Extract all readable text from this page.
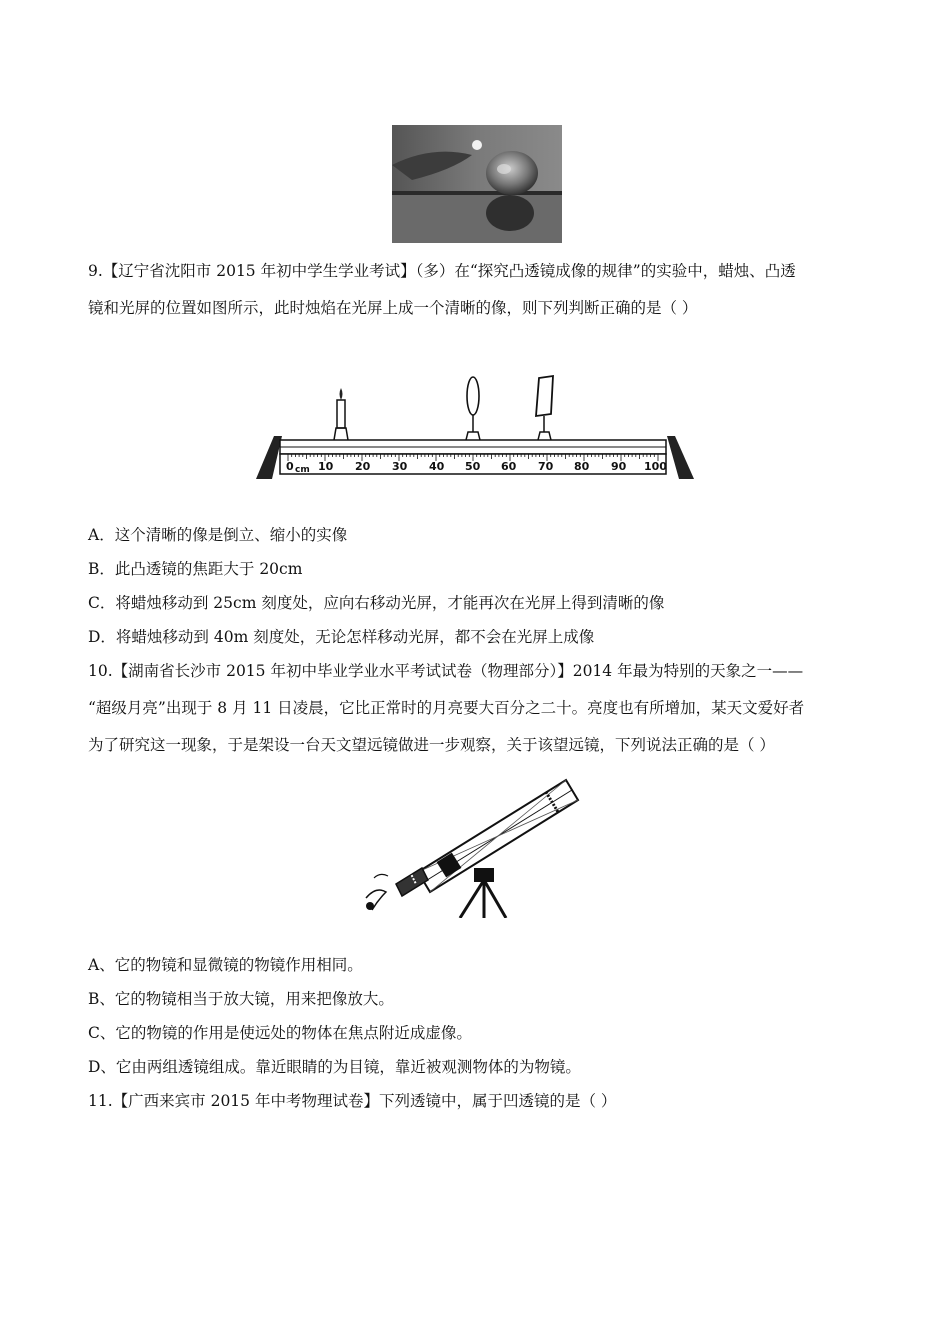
9.【辽宁省沈阳市 2015 年初中学生学业考试】（多）在“探究凸透镜成像的规律”的实验中，蜡烛、凸透
镜和光屏的位置如图所示，此时烛焰在光屏上成一个清晰的像，则下列判断正确的是（ ）
0 cm 10 20 30 40 50 60 70 80 90 100
A．这个清晰的像是倒立、缩小的实像
B．此凸透镜的焦距大于 20cm
C．将蜡烛移动到 25cm 刻度处，应向右移动光屏，才能再次在光屏上得到清晰的像
D．将蜡烛移动到 40m 刻度处，无论怎样移动光屏，都不会在光屏上成像
10.【湖南省长沙市 2015 年初中毕业学业水平考试试卷（物理部分）】2014 年最为特别的天象之一——
“超级月亮”出现于 8 月 11 日凌晨，它比正常时的月亮要大百分之二十。亮度也有所增加，某天文爱好者
为了研究这一现象，于是架设一台天文望远镜做进一步观察，关于该望远镜，下列说法正确的是（ ）
A、它的物镜和显微镜的物镜作用相同。
B、它的物镜相当于放大镜，用来把像放大。
C、它的物镜的作用是使远处的物体在焦点附近成虚像。
D、它由两组透镜组成。靠近眼睛的为目镜，靠近被观测物体的为物镜。
11.【广西来宾市 2015 年中考物理试卷】下列透镜中，属于凹透镜的是（ ）
